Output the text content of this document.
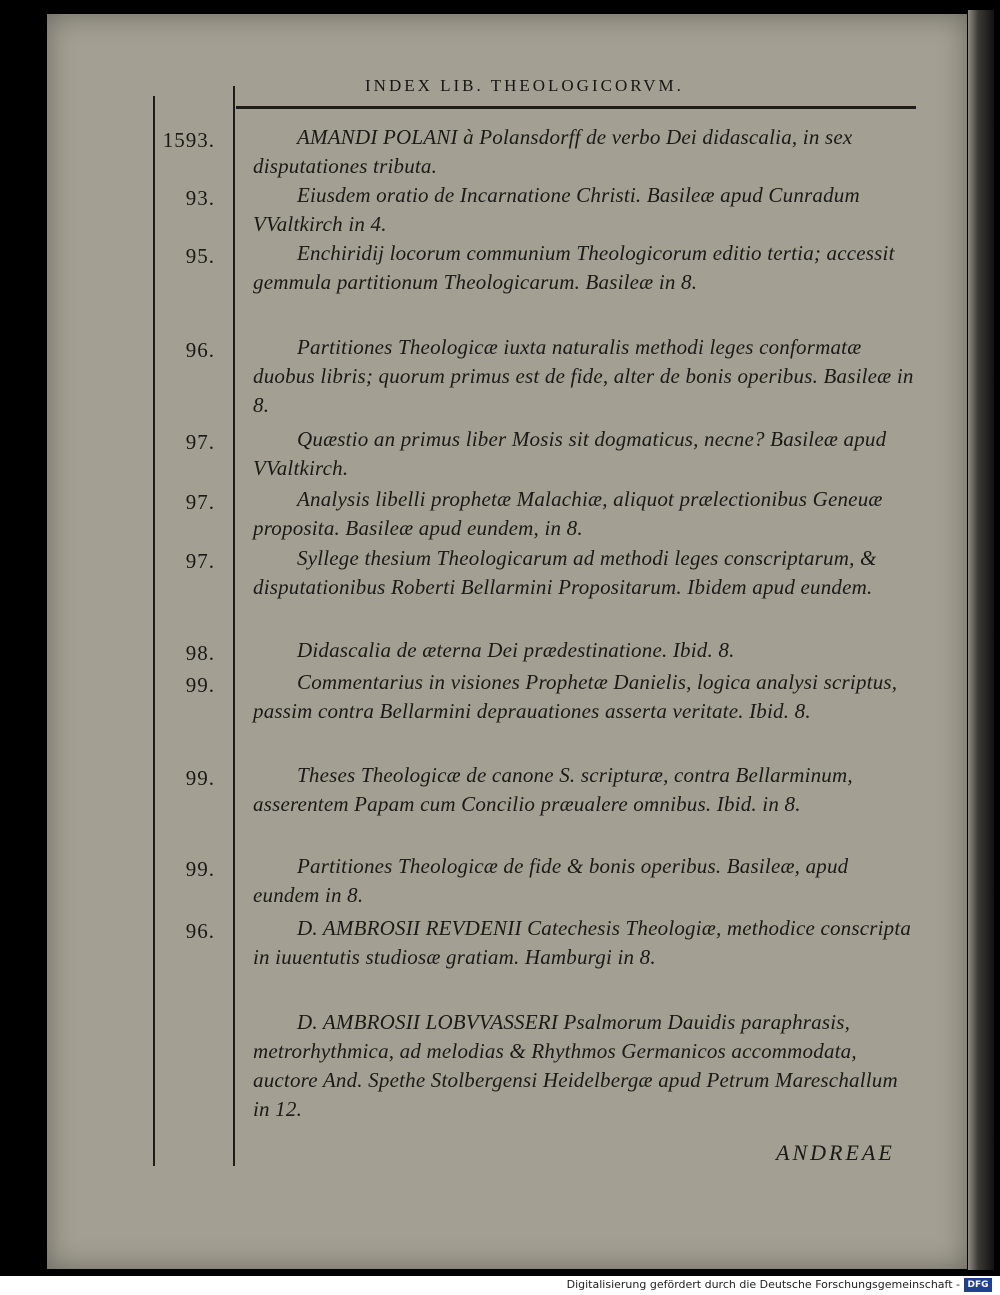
INDEX LIB. THEOLOGICORVM.
1593.	AMANDI POLANI à Polansdorff de verbo Dei didascalia, in sex disputationes tributa.
93.	Eiusdem oratio de Incarnatione Christi. Basileæ apud Cunradum VValtkirch in 4.
95.	Enchiridij locorum communium Theologicorum editio tertia; accessit gemmula partitionum Theologicarum. Basileæ in 8.
96.	Partitiones Theologicæ iuxta naturalis methodi leges conformatæ duobus libris; quorum primus est de fide, alter de bonis operibus. Basileæ in 8.
97.	Quæstio an primus liber Mosis sit dogmaticus, necne? Basileæ apud VValtkirch.
97.	Analysis libelli prophetæ Malachiæ, aliquot prælectionibus Geneuæ proposita. Basileæ apud eundem, in 8.
97.	Syllege thesium Theologicarum ad methodi leges conscriptarum, & disputationibus Roberti Bellarmini Propositarum. Ibidem apud eundem.
98.	Didascalia de æterna Dei prædestinatione. Ibid. 8.
99.	Commentarius in visiones Prophetæ Danielis, logica analysi scriptus, passim contra Bellarmini deprauationes asserta veritate. Ibid. 8.
99.	Theses Theologicæ de canone S. scripturæ, contra Bellarminum, asserentem Papam cum Concilio præualere omnibus. Ibid. in 8.
99.	Partitiones Theologicæ de fide & bonis operibus. Basileæ, apud eundem in 8.
96.	D. AMBROSII REVDENII Catechesis Theologiæ, methodice conscripta in iuuentutis studiosæ gratiam. Hamburgi in 8.
D. AMBROSII LOBVVASSERI Psalmorum Dauidis paraphrasis, metrorhythmica, ad melodias & Rhythmos Germanicos accommodata, auctore And. Spethe Stolbergensi Heidelbergæ apud Petrum Mareschallum in 12.
ANDREAE
Digitalisierung gefördert durch die Deutsche Forschungsgemeinschaft - DFG
